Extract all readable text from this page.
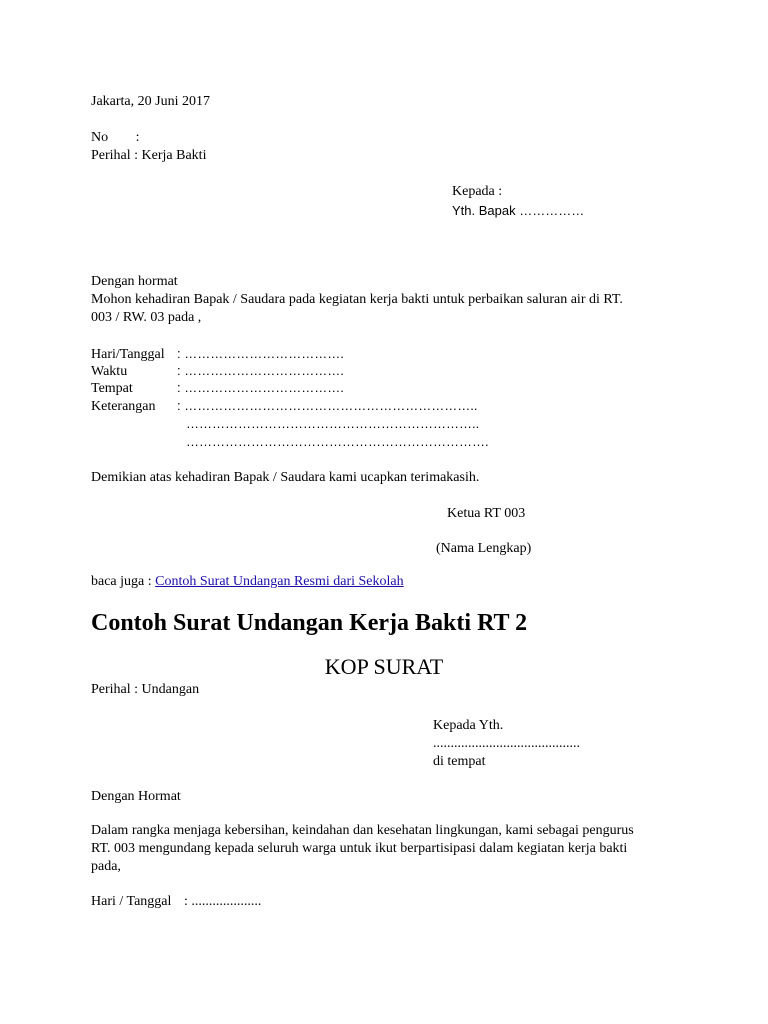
Jakarta, 20 Juni 2017
No :
Perihal : Kerja Bakti
Kepada :
Yth. Bapak ……………
Dengan hormat
Mohon kehadiran Bapak / Saudara pada kegiatan kerja bakti untuk perbaikan saluran air di RT.
003 / RW. 03 pada ,
Hari/Tanggal : ……………………………….
Waktu	: ……………………………….
Tempat	: ……………………………….
Keterangan : …………………………………………………………..
…………………………………………………………..
…………………………………………………………….
Demikian atas kehadiran Bapak / Saudara kami ucapkan terimakasih.
Ketua RT 003
(Nama Lengkap)
baca juga : Contoh Surat Undangan Resmi dari Sekolah
Contoh Surat Undangan Kerja Bakti RT 2
KOP SURAT
Perihal : Undangan
Kepada Yth.
..........................................
di tempat
Dengan Hormat
Dalam rangka menjaga kebersihan, keindahan dan kesehatan lingkungan, kami sebagai pengurus
RT. 003 mengundang kepada seluruh warga untuk ikut berpartisipasi dalam kegiatan kerja bakti
pada,
Hari / Tanggal : ....................
